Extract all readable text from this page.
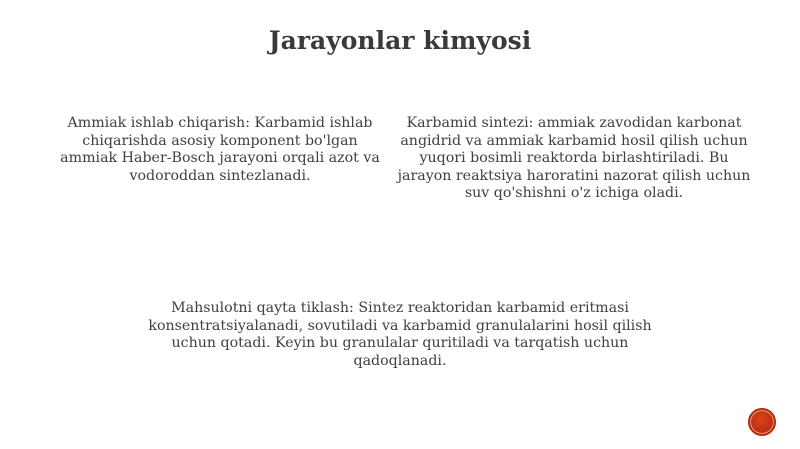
Jarayonlar kimyosi

Ammiak ishlab chiqarish: Karbamid ishlab chiqarishda asosiy komponent bo'lgan ammiak Haber-Bosch jarayoni orqali azot va vodoroddan sintezlanadi.

Karbamid sintezi: ammiak zavodidan karbonat angidrid va ammiak karbamid hosil qilish uchun yuqori bosimli reaktorda birlashtiriladi. Bu jarayon reaktsiya haroratini nazorat qilish uchun suv qo'shishni o'z ichiga oladi.

Mahsulotni qayta tiklash: Sintez reaktoridan karbamid eritmasi konsentratsiyalanadi, sovutiladi va karbamid granulalarini hosil qilish uchun qotadi. Keyin bu granulalar quritiladi va tarqatish uchun qadoqlanadi.
